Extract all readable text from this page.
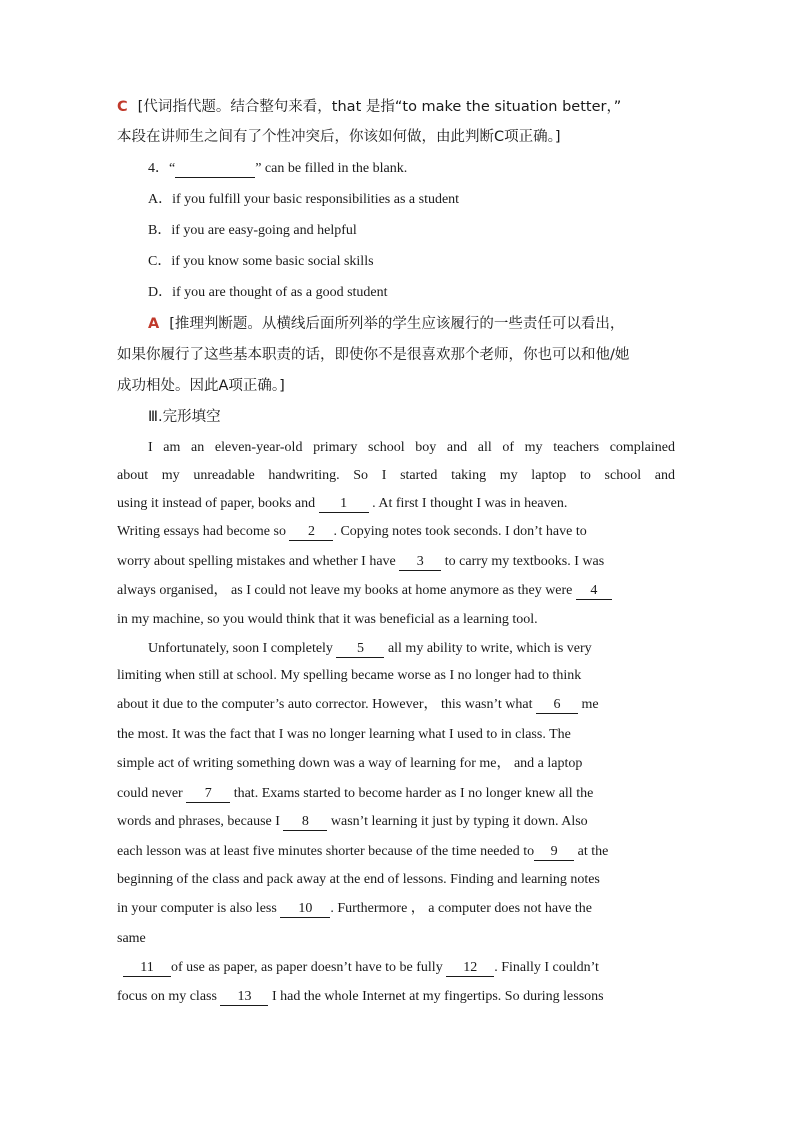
C [代词指代题。结合整句来看，that 是指“to make the situation better，”
本段在讲师生之间有了个性冲突后，你该如何做，由此判断C项正确。]
4．“	” can be filled in the blank.
A．if you fulfill your basic responsibilities as a student
B．if you are easy-going and helpful
C．if you know some basic social skills
D．if you are thought of as a good student
A [推理判断题。从横线后面所列举的学生应该履行的一些责任可以看出，
如果你履行了这些基本职责的话，即使你不是很喜欢那个老师，你也可以和他/她
成功相处。因此A项正确。]
Ⅲ.完形填空
I am an eleven-year-old primary school boy and all of my teachers complained
about my unreadable handwriting. So I started taking my laptop to school and
using it instead of paper, books and 1 . At first I thought I was in heaven.
Writing essays had become so 2 . Copying notes took seconds. I don’t have to
worry about spelling mistakes and whether I have 3 to carry my textbooks. I was
always organised， as I could not leave my books at home anymore as they were 4
in my machine, so you would think that it was beneficial as a learning tool.
Unfortunately, soon I completely 5 all my ability to write, which is very
limiting when still at school. My spelling became worse as I no longer had to think
about it due to the computer’s auto corrector. However， this wasn’t what 6 me
the most. It was the fact that I was no longer learning what I used to in class. The
simple act of writing something down was a way of learning for me， and a laptop
could never 7 that. Exams started to become harder as I no longer knew all the
words and phrases, because I 8 wasn’t learning it just by typing it down. Also
each lesson was at least five minutes shorter because of the time needed to 9 at the
beginning of the class and pack away at the end of lessons. Finding and learning notes
in your computer is also less 10 . Furthermore ， a computer does not have the
same
11 of use as paper, as paper doesn’t have to be fully 12 . Finally I couldn’t
focus on my class 13 I had the whole Internet at my fingertips. So during lessons
